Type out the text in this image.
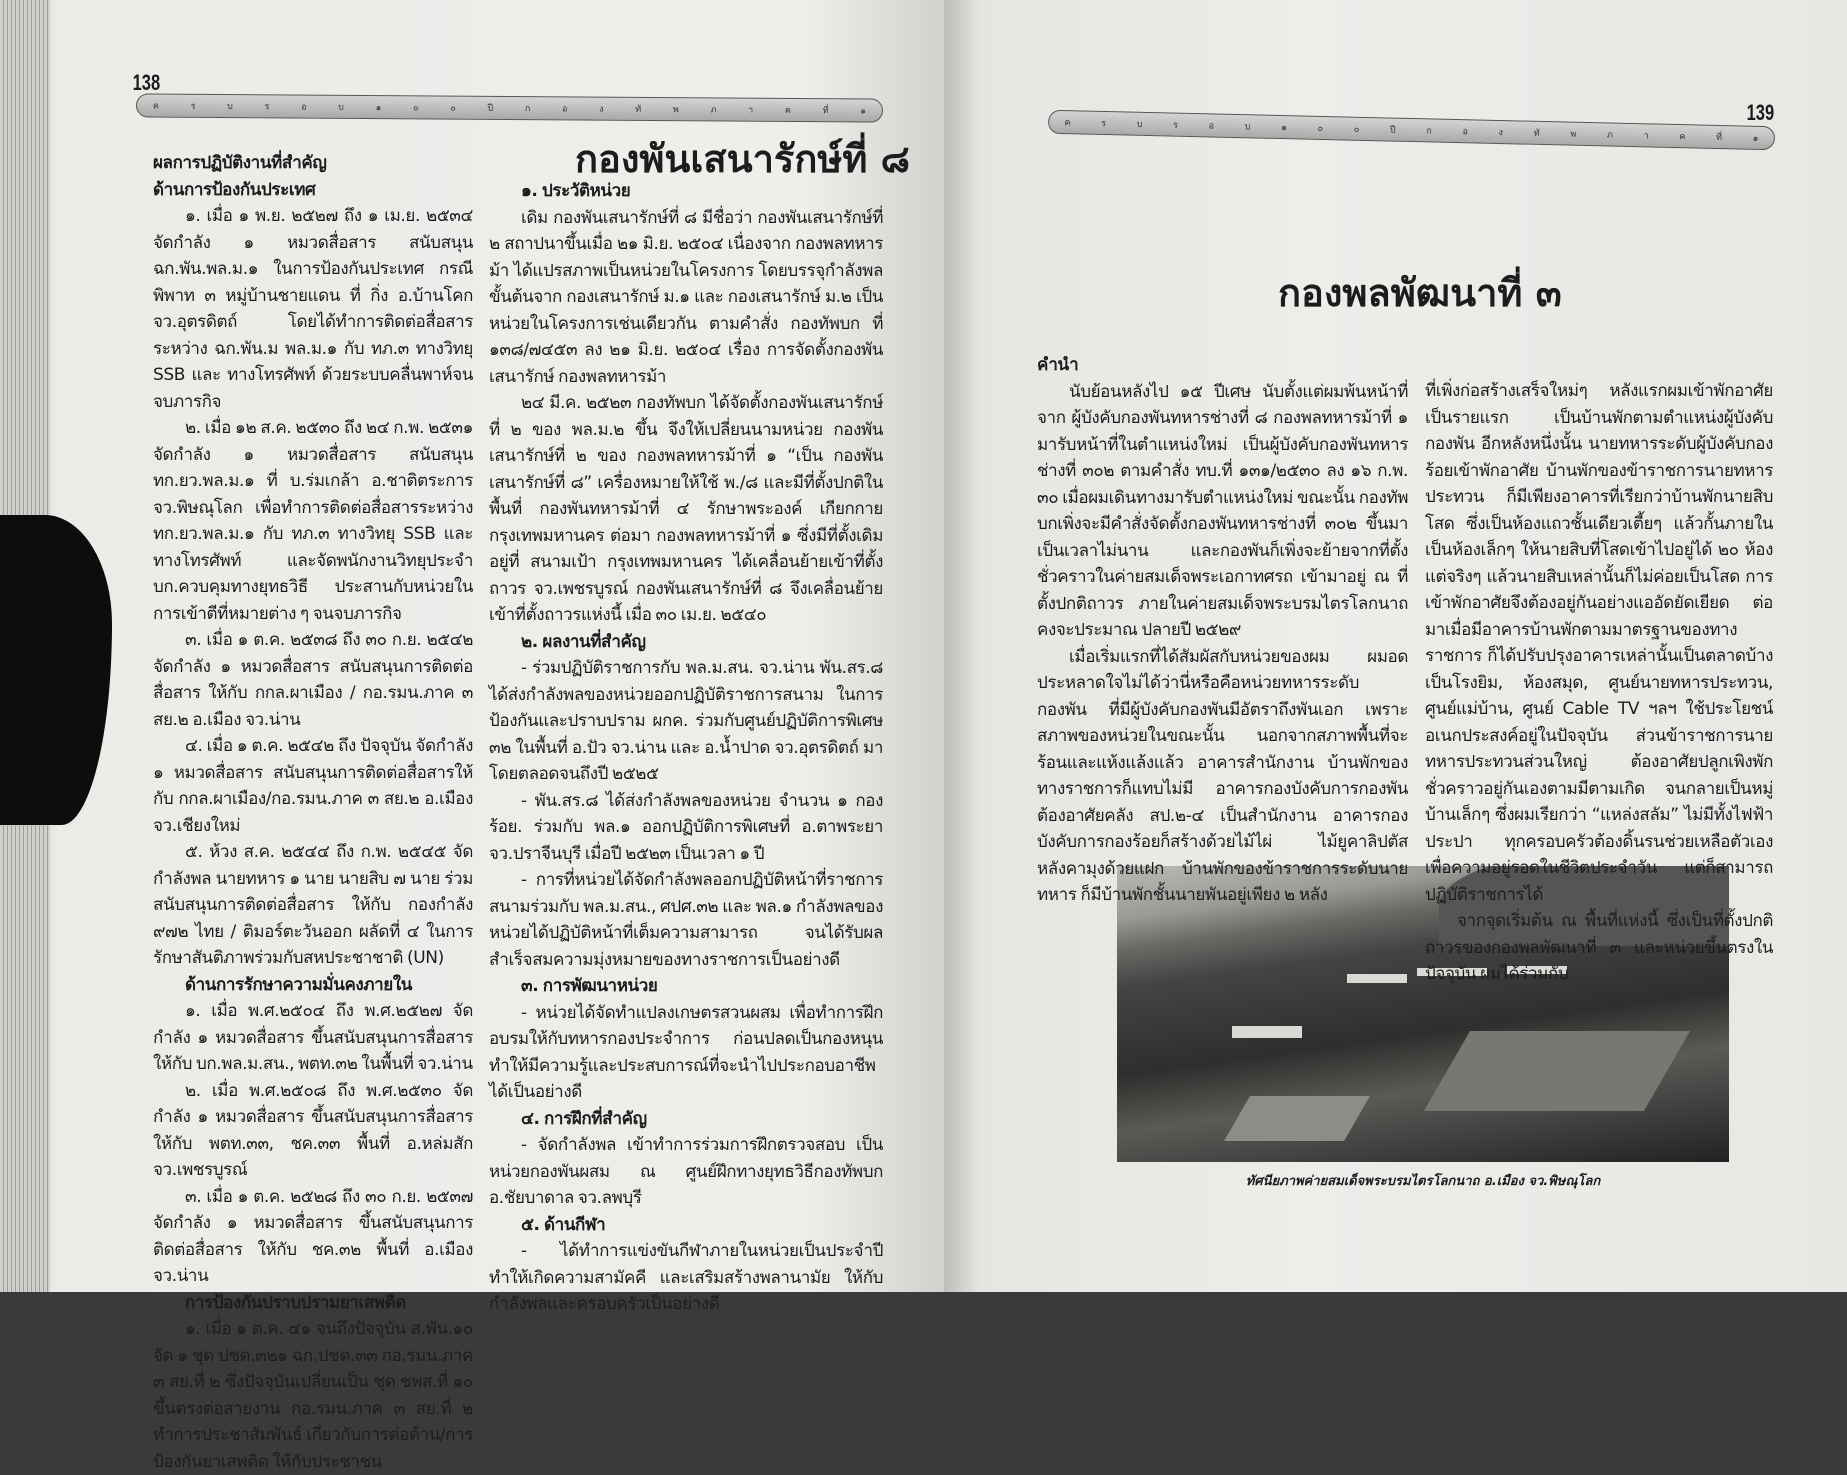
138
ค	ร	บ	ร	อ	บ	๑	๐	๐	ปี	ก	อ	ง	ทั	พ	ภ	า	ค	ที่	๑
ผลการปฏิบัติงานที่สำคัญ
ด้านการป้องกันประเทศ

๑. เมื่อ ๑ พ.ย. ๒๕๒๗ ถึง ๑ เม.ย. ๒๕๓๔ จัดกำลัง ๑ หมวดสื่อสาร สนับสนุน ฉก.พัน.พล.ม.๑ ในการป้องกันประเทศ กรณีพิพาท ๓ หมู่บ้านชายแดน ที่ กิ่ง อ.บ้านโคก จว.อุตรดิตถ์ โดยได้ทำการติดต่อสื่อสาร ระหว่าง ฉก.พัน.ม พล.ม.๑ กับ ทภ.๓ ทางวิทยุ SSB และ ทางโทรศัพท์ ด้วยระบบคลื่นพาห์จนจบภารกิจ

๒. เมื่อ ๑๒ ส.ค. ๒๕๓๐ ถึง ๒๔ ก.พ. ๒๕๓๑ จัดกำลัง ๑ หมวดสื่อสาร สนับสนุน ทก.ยว.พล.ม.๑ ที่ บ.ร่มเกล้า อ.ชาติตระการ จว.พิษณุโลก เพื่อทำการติดต่อสื่อสารระหว่าง ทก.ยว.พล.ม.๑ กับ ทภ.๓ ทางวิทยุ SSB และทางโทรศัพท์ และจัดพนักงานวิทยุประจำ บก.ควบคุมทางยุทธวิธี ประสานกับหน่วยในการเข้าตีที่หมายต่าง ๆ จนจบภารกิจ

๓. เมื่อ ๑ ต.ค. ๒๕๓๘ ถึง ๓๐ ก.ย. ๒๕๔๒ จัดกำลัง ๑ หมวดสื่อสาร สนับสนุนการติดต่อสื่อสาร ให้กับ กกล.ผาเมือง / กอ.รมน.ภาค ๓ สย.๒ อ.เมือง จว.น่าน

๔. เมื่อ ๑ ต.ค. ๒๕๔๒ ถึง ปัจจุบัน จัดกำลัง ๑ หมวดสื่อสาร สนับสนุนการติดต่อสื่อสารให้กับ กกล.ผาเมือง/กอ.รมน.ภาค ๓ สย.๒ อ.เมือง จว.เชียงใหม่

๕. ห้วง ส.ค. ๒๕๔๔ ถึง ก.พ. ๒๕๔๕ จัดกำลังพล นายทหาร ๑ นาย นายสิบ ๗ นาย ร่วมสนับสนุนการติดต่อสื่อสาร ให้กับ กองกำลัง ๙๗๒ ไทย / ติมอร์ตะวันออก ผลัดที่ ๔ ในการรักษาสันติภาพร่วมกับสหประชาชาติ (UN)

ด้านการรักษาความมั่นคงภายใน

๑. เมื่อ พ.ศ.๒๕๐๔ ถึง พ.ศ.๒๕๒๗ จัดกำลัง ๑ หมวดสื่อสาร ขึ้นสนับสนุนการสื่อสารให้กับ บก.พล.ม.สน., พตท.๓๒ ในพื้นที่ จว.น่าน

๒. เมื่อ พ.ศ.๒๕๐๘ ถึง พ.ศ.๒๕๓๐ จัดกำลัง ๑ หมวดสื่อสาร ขึ้นสนับสนุนการสื่อสารให้กับ พตท.๓๓, ชค.๓๓ พื้นที่ อ.หล่มสัก จว.เพชรบูรณ์

๓. เมื่อ ๑ ต.ค. ๒๕๒๘ ถึง ๓๐ ก.ย. ๒๕๓๗ จัดกำลัง ๑ หมวดสื่อสาร ขึ้นสนับสนุนการติดต่อสื่อสาร ให้กับ ชค.๓๒ พื้นที่ อ.เมือง จว.น่าน

การป้องกันปราบปรามยาเสพติด

๑. เมื่อ ๑ ต.ค. ๔๑ จนถึงปัจจุบัน ส.พัน.๑๐ จัด ๑ ชุด ปชด.๓๒๑ ฉก.ปชด.๓๓ กอ.รมน.ภาค ๓ สย.ที่ ๒ ซึ่งปัจจุบันเปลี่ยนเป็น ชุด ชพส.ที่ ๑๐ ขึ้นตรงต่อสายงาน กอ.รมน.ภาค ๓ สย.ที่ ๒ ทำการประชาสัมพันธ์ เกี่ยวกับการต่อต้าน/การป้องกันยาเสพติด ให้กับประชาชน

กองพันเสนารักษ์ที่ ๘
๑. ประวัติหน่วย

เดิม กองพันเสนารักษ์ที่ ๘ มีชื่อว่า กองพันเสนารักษ์ที่ ๒ สถาปนาขึ้นเมื่อ ๒๑ มิ.ย. ๒๕๐๔ เนื่องจาก กองพลทหารม้า ได้แปรสภาพเป็นหน่วยในโครงการ โดยบรรจุกำลังพลขั้นต้นจาก กองเสนารักษ์ ม.๑ และ กองเสนารักษ์ ม.๒ เป็นหน่วยในโครงการเช่นเดียวกัน ตามคำสั่ง กองทัพบก ที่ ๑๓๘/๗๔๕๓ ลง ๒๑ มิ.ย. ๒๕๐๔ เรื่อง การจัดตั้งกองพันเสนารักษ์ กองพลทหารม้า

๒๔ มี.ค. ๒๕๒๓ กองทัพบก ได้จัดตั้งกองพันเสนารักษ์ที่ ๒ ของ พล.ม.๒ ขึ้น จึงให้เปลี่ยนนามหน่วย กองพันเสนารักษ์ที่ ๒ ของ กองพลทหารม้าที่ ๑ “เป็น กองพันเสนารักษ์ที่ ๘” เครื่องหมายให้ใช้ พ./๘ และมีที่ตั้งปกติในพื้นที่ กองพันทหารม้าที่ ๔ รักษาพระองค์ เกียกกาย กรุงเทพมหานคร ต่อมา กองพลทหารม้าที่ ๑ ซึ่งมีที่ตั้งเดิมอยู่ที่ สนามเป้า กรุงเทพมหานคร ได้เคลื่อนย้ายเข้าที่ตั้งถาวร จว.เพชรบูรณ์ กองพันเสนารักษ์ที่ ๘ จึงเคลื่อนย้ายเข้าที่ตั้งถาวรแห่งนี้ เมื่อ ๓๐ เม.ย. ๒๕๔๐

๒. ผลงานที่สำคัญ

- ร่วมปฏิบัติราชการกับ พล.ม.สน. จว.น่าน พัน.สร.๘ ได้ส่งกำลังพลของหน่วยออกปฏิบัติราชการสนาม ในการป้องกันและปราบปราม ผกค. ร่วมกับศูนย์ปฏิบัติการพิเศษ ๓๒ ในพื้นที่ อ.ปัว จว.น่าน และ อ.น้ำปาด จว.อุตรดิตถ์ มาโดยตลอดจนถึงปี ๒๕๒๕

- พัน.สร.๘ ได้ส่งกำลังพลของหน่วย จำนวน ๑ กองร้อย. ร่วมกับ พล.๑ ออกปฏิบัติการพิเศษที่ อ.ตาพระยา จว.ปราจีนบุรี เมื่อปี ๒๕๒๓ เป็นเวลา ๑ ปี

- การที่หน่วยได้จัดกำลังพลออกปฏิบัติหน้าที่ราชการสนามร่วมกับ พล.ม.สน., ศปศ.๓๒ และ พล.๑ กำลังพลของหน่วยได้ปฏิบัติหน้าที่เต็มความสามารถ จนได้รับผลสำเร็จสมความมุ่งหมายของทางราชการเป็นอย่างดี

๓. การพัฒนาหน่วย

- หน่วยได้จัดทำแปลงเกษตรสวนผสม เพื่อทำการฝึกอบรมให้กับทหารกองประจำการ ก่อนปลดเป็นกองหนุน ทำให้มีความรู้และประสบการณ์ที่จะนำไปประกอบอาชีพได้เป็นอย่างดี

๔. การฝึกที่สำคัญ

- จัดกำลังพล เข้าทำการร่วมการฝึกตรวจสอบ เป็นหน่วยกองพันผสม ณ ศูนย์ฝึกทางยุทธวิธีกองทัพบก อ.ชัยบาดาล จว.ลพบุรี

๕. ด้านกีฬา

- ได้ทำการแข่งขันกีฬาภายในหน่วยเป็นประจำปี ทำให้เกิดความสามัคคี และเสริมสร้างพลานามัย ให้กับกำลังพลและครอบครัวเป็นอย่างดี

139
ค	ร	บ	ร	อ	บ	๑	๐	๐	ปี	ก	อ	ง	ทั	พ	ภ	า	ค	ที่	๑
กองพลพัฒนาที่ ๓
คำนำ

นับย้อนหลังไป ๑๕ ปีเศษ นับตั้งแต่ผมพ้นหน้าที่จาก ผู้บังคับกองพันทหารช่างที่ ๘ กองพลทหารม้าที่ ๑ มารับหน้าที่ในตำแหน่งใหม่ เป็นผู้บังคับกองพันทหารช่างที่ ๓๐๒ ตามคำสั่ง ทบ.ที่ ๑๓๑/๒๕๓๐ ลง ๑๖ ก.พ. ๓๐ เมื่อผมเดินทางมารับตำแหน่งใหม่ ขณะนั้น กองทัพบกเพิ่งจะมีคำสั่งจัดตั้งกองพันทหารช่างที่ ๓๐๒ ขึ้นมาเป็นเวลาไม่นาน และกองพันก็เพิ่งจะย้ายจากที่ตั้งชั่วคราวในค่ายสมเด็จพระเอกาทศรถ เข้ามาอยู่ ณ ที่ตั้งปกติถาวร ภายในค่ายสมเด็จพระบรมไตรโลกนาถ คงจะประมาณ ปลายปี ๒๕๒๙

เมื่อเริ่มแรกที่ได้สัมผัสกับหน่วยของผม ผมอดประหลาดใจไม่ได้ว่านี่หรือคือหน่วยทหารระดับกองพัน ที่มีผู้บังคับกองพันมีอัตราถึงพันเอก เพราะสภาพของหน่วยในขณะนั้น นอกจากสภาพพื้นที่จะร้อนและแห้งแล้งแล้ว อาคารสำนักงาน บ้านพักของทางราชการก็แทบไม่มี อาคารกองบังคับการกองพันต้องอาศัยคลัง สป.๒-๔ เป็นสำนักงาน อาคารกองบังคับการกองร้อยก็สร้างด้วยไม้ไผ่ ไม้ยูคาลิปตัส หลังคามุงด้วยแฝก บ้านพักของข้าราชการระดับนายทหาร ก็มีบ้านพักชั้นนายพันอยู่เพียง ๒ หลัง

ที่เพิ่งก่อสร้างเสร็จใหม่ๆ หลังแรกผมเข้าพักอาศัยเป็นรายแรก เป็นบ้านพักตามตำแหน่งผู้บังคับกองพัน อีกหลังหนึ่งนั้น นายทหารระดับผู้บังคับกองร้อยเข้าพักอาศัย บ้านพักของข้าราชการนายทหารประทวน ก็มีเพียงอาคารที่เรียกว่าบ้านพักนายสิบโสด ซึ่งเป็นห้องแถวชั้นเดียวเตี้ยๆ แล้วกั้นภายในเป็นห้องเล็กๆ ให้นายสิบที่โสดเข้าไปอยู่ได้ ๒๐ ห้อง แต่จริงๆ แล้วนายสิบเหล่านั้นก็ไม่ค่อยเป็นโสด การเข้าพักอาศัยจึงต้องอยู่กันอย่างแออัดยัดเยียด ต่อมาเมื่อมีอาคารบ้านพักตามมาตรฐานของทางราชการ ก็ได้ปรับปรุงอาคารเหล่านั้นเป็นตลาดบ้าง เป็นโรงยิม, ห้องสมุด, ศูนย์นายทหารประทวน, ศูนย์แม่บ้าน, ศูนย์ Cable TV ฯลฯ ใช้ประโยชน์อเนกประสงค์อยู่ในปัจจุบัน ส่วนข้าราชการนายทหารประทวนส่วนใหญ่ ต้องอาศัยปลูกเพิงพักชั่วคราวอยู่กันเองตามมีตามเกิด จนกลายเป็นหมู่บ้านเล็กๆ ซึ่งผมเรียกว่า “แหล่งสลัม” ไม่มีทั้งไฟฟ้า ประปา ทุกครอบครัวต้องดิ้นรนช่วยเหลือตัวเอง เพื่อความอยู่รอดในชีวิตประจำวัน แต่ก็สามารถปฏิบัติราชการได้

จากจุดเริ่มต้น ณ พื้นที่แห่งนี้ ซึ่งเป็นที่ตั้งปกติถาวรของกองพลพัฒนาที่ ๓ และหน่วยขึ้นตรงในปัจจุบัน ผมได้ร่วมกับ

ทัศนียภาพค่ายสมเด็จพระบรมไตรโลกนาถ อ.เมือง จว.พิษณุโลก
